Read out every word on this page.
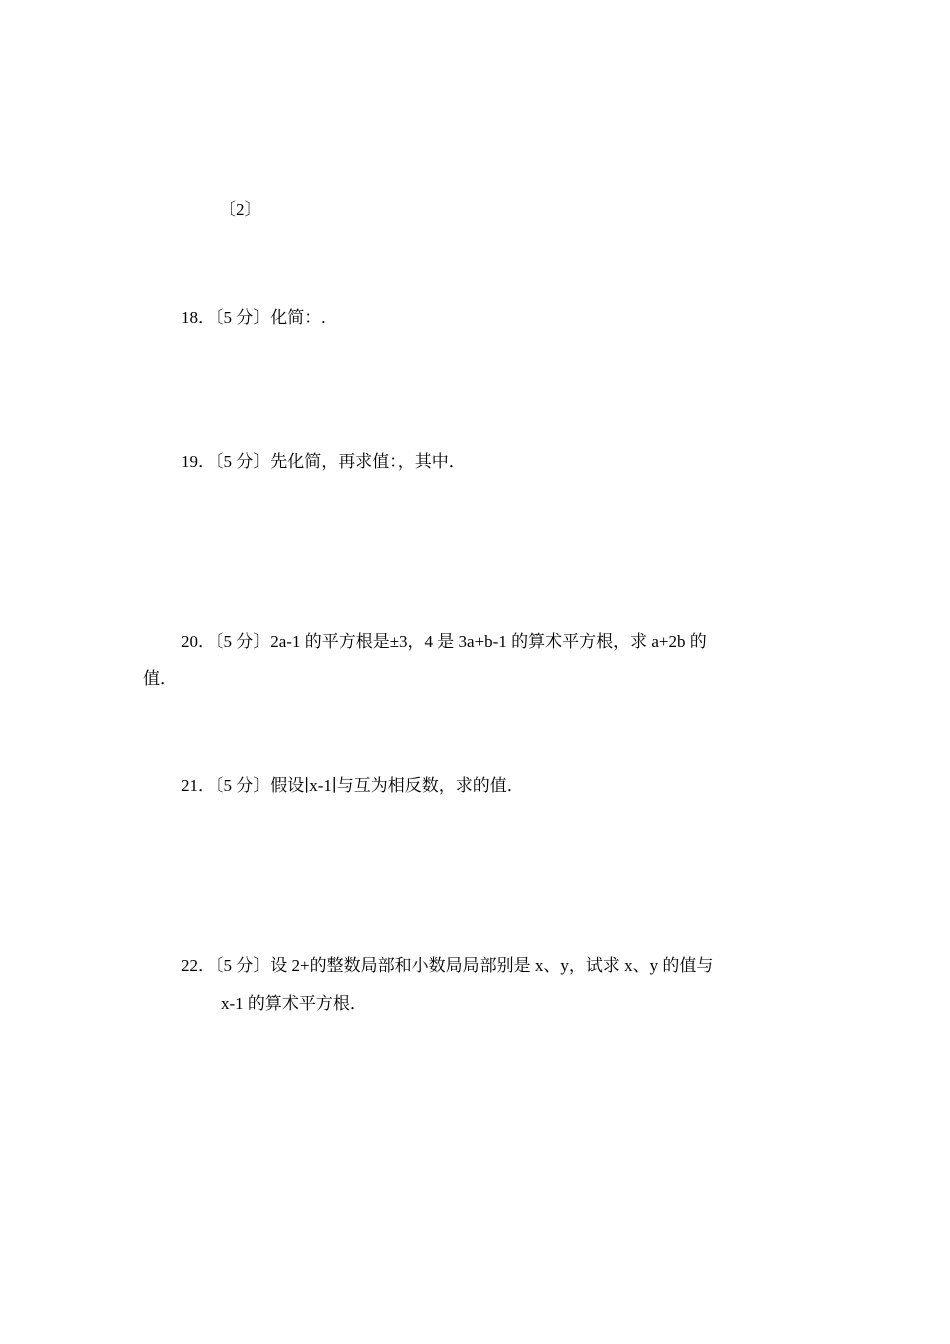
〔2〕
18．〔5 分〕化简：.
19．〔5 分〕先化简，再求值：，其中．
20．〔5 分〕2a-1 的平方根是±3，4 是 3a+b-1 的算术平方根，求 a+2b 的
值．
21．〔5 分〕假设∣x-1∣与互为相反数，求的值．
22．〔5 分〕设 2+的整数局部和小数局局部别是 x、y，试求 x、y 的值与
x-1 的算术平方根．
